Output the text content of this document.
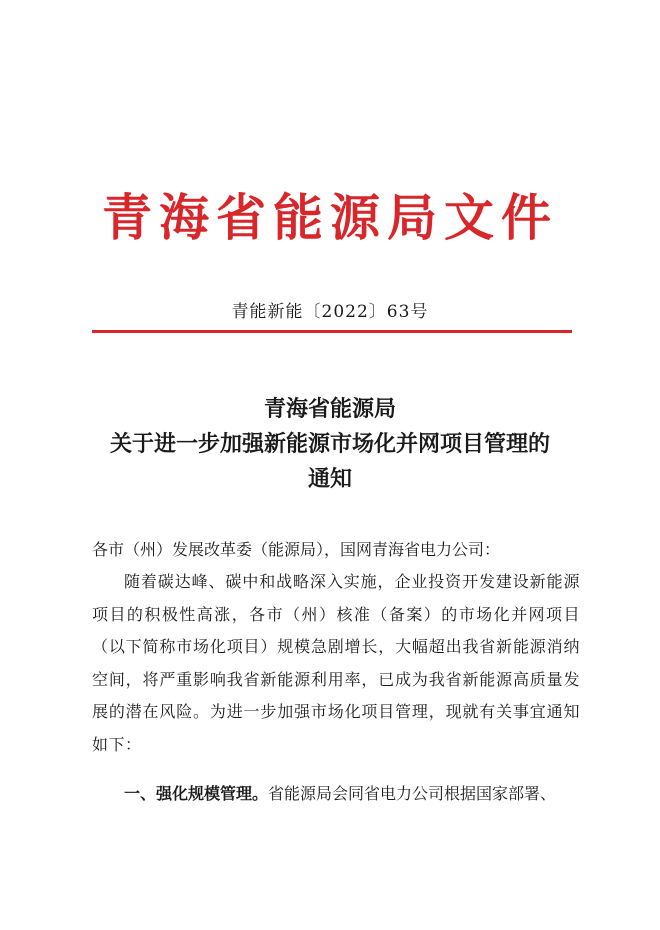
青海省能源局文件
青能新能〔2022〕63号
青海省能源局
关于进一步加强新能源市场化并网项目管理的
通知
各市（州）发展改革委（能源局），国网青海省电力公司：
随着碳达峰、碳中和战略深入实施，企业投资开发建设新能源项目的积极性高涨，各市（州）核准（备案）的市场化并网项目（以下简称市场化项目）规模急剧增长，大幅超出我省新能源消纳空间，将严重影响我省新能源利用率，已成为我省新能源高质量发展的潜在风险。为进一步加强市场化项目管理，现就有关事宜通知如下：
一、强化规模管理。省能源局会同省电力公司根据国家部署、
